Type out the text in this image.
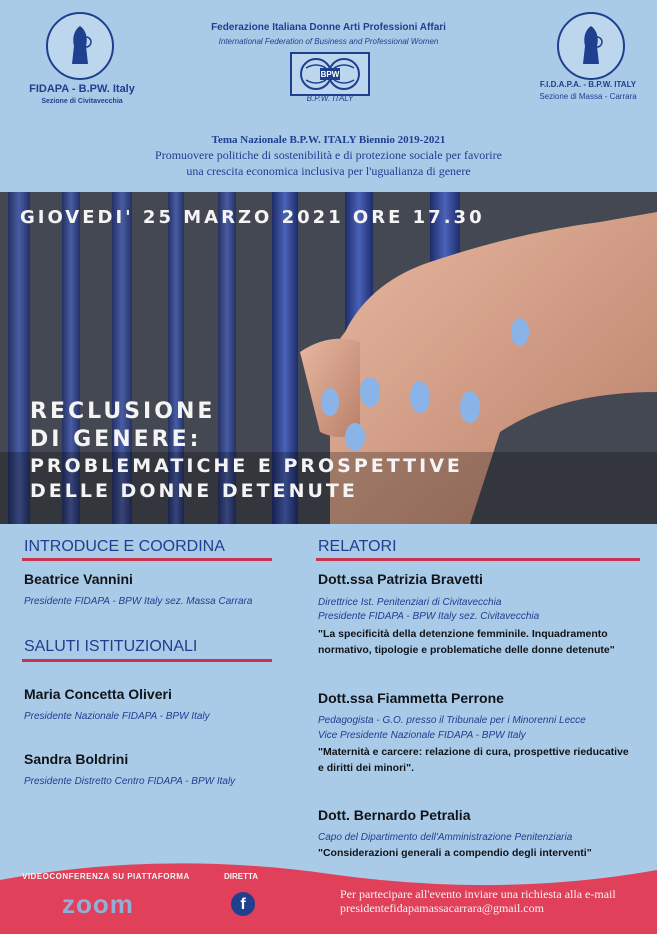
FIDAPA - B.PW. Italy
Sezione di Civitavecchia
Federazione Italiana Donne Arti Professioni Affari
International Federation of Business and Professional Women
BPW
B.P.W. ITALY
F.I.D.A.P.A. - B.P.W. ITALY
Sezione di Massa - Carrara
Tema Nazionale B.P.W. ITALY Biennio 2019-2021
Promuovere politiche di sostenibilità e di protezione sociale per favorire
una crescita economica inclusiva per l'ugualianza di genere
GIOVEDI' 25 MARZO 2021 ORE 17.30
RECLUSIONE
DI GENERE:
PROBLEMATICHE E PROSPETTIVE
DELLE DONNE DETENUTE
INTRODUCE E COORDINA
Beatrice Vannini
Presidente FIDAPA - BPW Italy sez. Massa Carrara
SALUTI ISTITUZIONALI
Maria Concetta Oliveri
Presidente Nazionale FIDAPA - BPW Italy
Sandra Boldrini
Presidente Distretto Centro FIDAPA - BPW Italy
RELATORI
Dott.ssa Patrizia Bravetti
Direttrice Ist. Penitenziari di Civitavecchia
Presidente FIDAPA - BPW Italy sez. Civitavecchia
"La specificità della detenzione femminile. Inquadramento
normativo, tipologie e problematiche delle donne detenute"
Dott.ssa Fiammetta Perrone
Pedagogista - G.O. presso il Tribunale per i Minorenni Lecce
Vice Presidente Nazionale FIDAPA - BPW Italy
"Maternità e carcere: relazione di cura, prospettive rieducative
e diritti dei minori".
Dott. Bernardo Petralia
Capo del Dipartimento dell'Amministrazione Penitenziaria
"Considerazioni generali a compendio degli interventi"
VIDEOCONFERENZA SU PIATTAFORMA	DIRETTA
zoom	f
Per partecipare all'evento inviare una richiesta alla e-mail
presidentefidapamassacarrara@gmail.com
